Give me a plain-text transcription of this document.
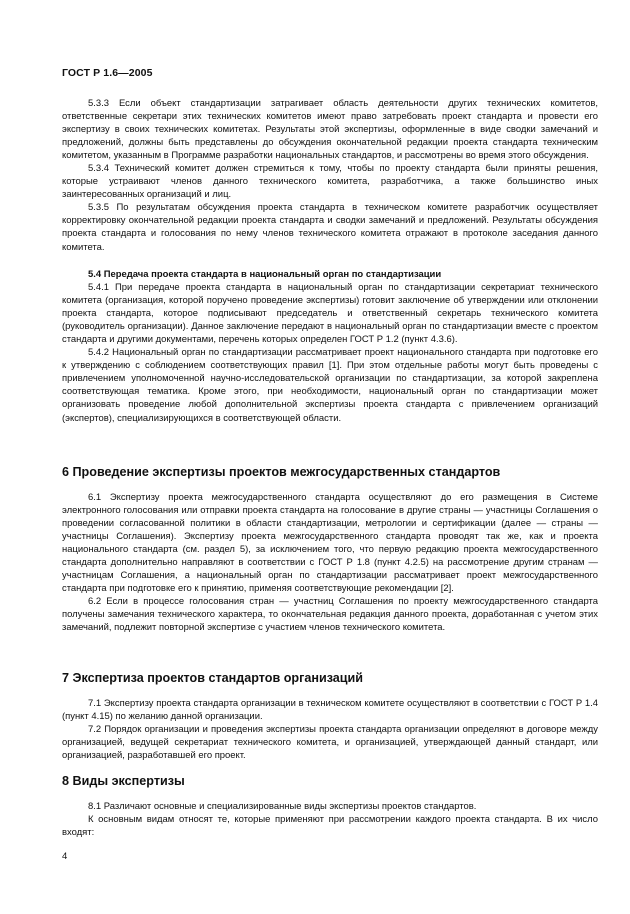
ГОСТ Р 1.6—2005

5.3.3 Если объект стандартизации затрагивает область деятельности других технических комитетов, ответственные секретари этих технических комитетов имеют право затребовать проект стандарта и провести его экспертизу в своих технических комитетах. Результаты этой экспертизы, оформленные в виде сводки замечаний и предложений, должны быть представлены до обсуждения окончательной редакции проекта стандарта техническим комитетом, указанным в Программе разработки национальных стандартов, и рассмотрены во время этого обсуждения.

5.3.4 Технический комитет должен стремиться к тому, чтобы по проекту стандарта были приняты решения, которые устраивают членов данного технического комитета, разработчика, а также большинство иных заинтересованных организаций и лиц.

5.3.5 По результатам обсуждения проекта стандарта в техническом комитете разработчик осуществляет корректировку окончательной редакции проекта стандарта и сводки замечаний и предложений. Результаты обсуждения проекта стандарта и голосования по нему членов технического комитета отражают в протоколе заседания данного комитета.

5.4 Передача проекта стандарта в национальный орган по стандартизации

5.4.1 При передаче проекта стандарта в национальный орган по стандартизации секретариат технического комитета (организация, которой поручено проведение экспертизы) готовит заключение об утверждении или отклонении проекта стандарта, которое подписывают председатель и ответственный секретарь технического комитета (руководитель организации). Данное заключение передают в национальный орган по стандартизации вместе с проектом стандарта и другими документами, перечень которых определен ГОСТ Р 1.2 (пункт 4.3.6).

5.4.2 Национальный орган по стандартизации рассматривает проект национального стандарта при подготовке его к утверждению с соблюдением соответствующих правил [1]. При этом отдельные работы могут быть проведены с привлечением уполномоченной научно-исследовательской организации по стандартизации, за которой закреплена соответствующая тематика. Кроме этого, при необходимости, национальный орган по стандартизации может организовать проведение любой дополнительной экспертизы проекта стандарта с привлечением организаций (экспертов), специализирующихся в соответствующей области.

6 Проведение экспертизы проектов межгосударственных стандартов

6.1 Экспертизу проекта межгосударственного стандарта осуществляют до его размещения в Системе электронного голосования или отправки проекта стандарта на голосование в другие страны — участницы Соглашения о проведении согласованной политики в области стандартизации, метрологии и сертификации (далее — страны — участницы Соглашения). Экспертизу проекта межгосударственного стандарта проводят так же, как и проекта национального стандарта (см. раздел 5), за исключением того, что первую редакцию проекта межгосударственного стандарта дополнительно направляют в соответствии с ГОСТ Р 1.8 (пункт 4.2.5) на рассмотрение другим странам — участницам Соглашения, а национальный орган по стандартизации рассматривает проект межгосударственного стандарта при подготовке его к принятию, применяя соответствующие рекомендации [2].

6.2 Если в процессе голосования стран — участниц Соглашения по проекту межгосударственного стандарта получены замечания технического характера, то окончательная редакция данного проекта, доработанная с учетом этих замечаний, подлежит повторной экспертизе с участием членов технического комитета.

7 Экспертиза проектов стандартов организаций

7.1 Экспертизу проекта стандарта организации в техническом комитете осуществляют в соответствии с ГОСТ Р 1.4 (пункт 4.15) по желанию данной организации.

7.2 Порядок организации и проведения экспертизы проекта стандарта организации определяют в договоре между организацией, ведущей секретариат технического комитета, и организацией, утверждающей данный стандарт, или организацией, разработавшей его проект.

8 Виды экспертизы

8.1 Различают основные и специализированные виды экспертизы проектов стандартов.

К основным видам относят те, которые применяют при рассмотрении каждого проекта стандарта. В их число входят:

4
